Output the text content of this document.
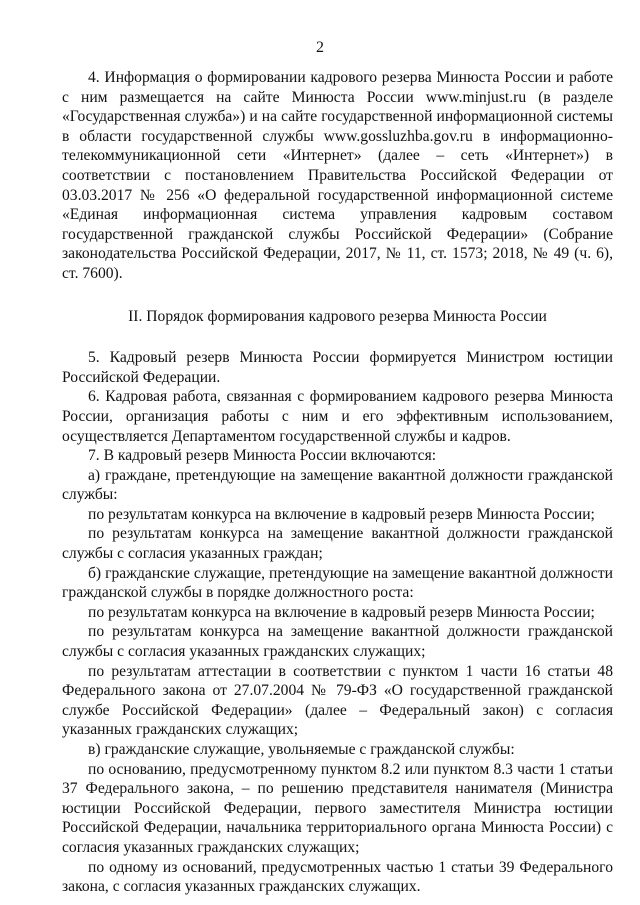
2

4. Информация о формировании кадрового резерва Минюста России и работе с ним размещается на сайте Минюста России www.minjust.ru (в разделе «Государственная служба») и на сайте государственной информационной системы в области государственной службы www.gossluzhba.gov.ru в информационно-телекоммуникационной сети «Интернет» (далее – сеть «Интернет») в соответствии с постановлением Правительства Российской Федерации от 03.03.2017 № 256 «О федеральной государственной информационной системе «Единая информационная система управления кадровым составом государственной гражданской службы Российской Федерации» (Собрание законодательства Российской Федерации, 2017, № 11, ст. 1573; 2018, № 49 (ч. 6), ст. 7600).

II. Порядок формирования кадрового резерва Минюста России

5. Кадровый резерв Минюста России формируется Министром юстиции Российской Федерации.

6. Кадровая работа, связанная с формированием кадрового резерва Минюста России, организация работы с ним и его эффективным использованием, осуществляется Департаментом государственной службы и кадров.

7. В кадровый резерв Минюста России включаются:

а) граждане, претендующие на замещение вакантной должности гражданской службы:

по результатам конкурса на включение в кадровый резерв Минюста России;

по результатам конкурса на замещение вакантной должности гражданской службы с согласия указанных граждан;

б) гражданские служащие, претендующие на замещение вакантной должности гражданской службы в порядке должностного роста:

по результатам конкурса на включение в кадровый резерв Минюста России;

по результатам конкурса на замещение вакантной должности гражданской службы с согласия указанных гражданских служащих;

по результатам аттестации в соответствии с пунктом 1 части 16 статьи 48 Федерального закона от 27.07.2004 № 79-ФЗ «О государственной гражданской службе Российской Федерации» (далее – Федеральный закон) с согласия указанных гражданских служащих;

в) гражданские служащие, увольняемые с гражданской службы:

по основанию, предусмотренному пунктом 8.2 или пунктом 8.3 части 1 статьи 37 Федерального закона, – по решению представителя нанимателя (Министра юстиции Российской Федерации, первого заместителя Министра юстиции Российской Федерации, начальника территориального органа Минюста России) с согласия указанных гражданских служащих;

по одному из оснований, предусмотренных частью 1 статьи 39 Федерального закона, с согласия указанных гражданских служащих.
